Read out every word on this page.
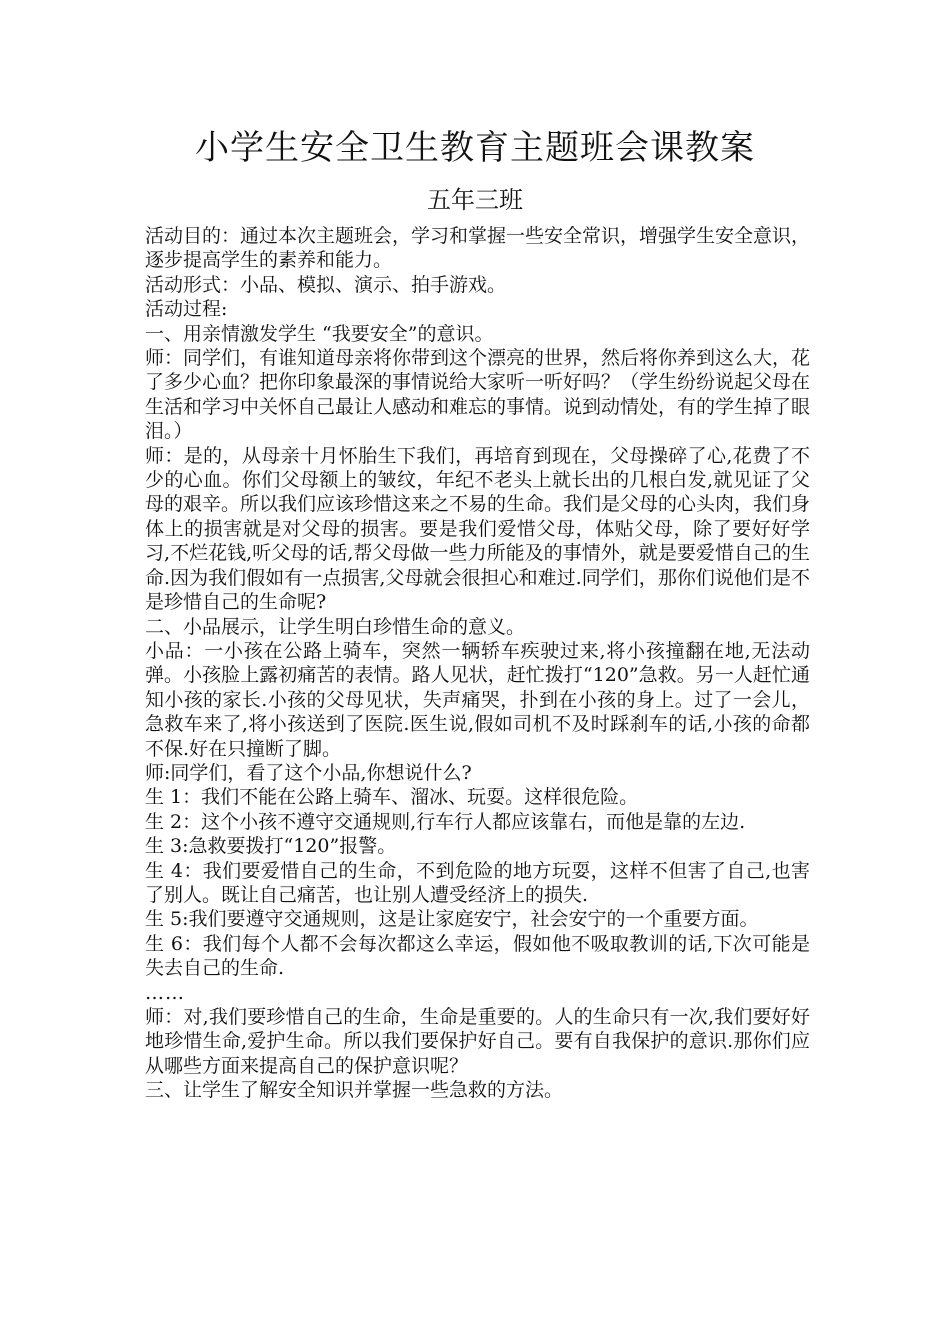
小学生安全卫生教育主题班会课教案
五年三班

活动目的：通过本次主题班会，学习和掌握一些安全常识，增强学生安全意识，逐步提高学生的素养和能力。

活动形式：小品、模拟、演示、拍手游戏。

活动过程:

一、用亲情激发学生 “我要安全”的意识。

师：同学们，有谁知道母亲将你带到这个漂亮的世界，然后将你养到这么大，花了多少心血？把你印象最深的事情说给大家听一听好吗？（学生纷纷说起父母在生活和学习中关怀自己最让人感动和难忘的事情。说到动情处，有的学生掉了眼泪。）

师：是的，从母亲十月怀胎生下我们，再培育到现在，父母操碎了心,花费了不少的心血。你们父母额上的皱纹，年纪不老头上就长出的几根白发,就见证了父母的艰辛。所以我们应该珍惜这来之不易的生命。我们是父母的心头肉，我们身体上的损害就是对父母的损害。要是我们爱惜父母，体贴父母，除了要好好学习,不烂花钱,听父母的话,帮父母做一些力所能及的事情外，就是要爱惜自己的生命.因为我们假如有一点损害,父母就会很担心和难过.同学们，那你们说他们是不是珍惜自己的生命呢?

二、小品展示，让学生明白珍惜生命的意义。

小品：一小孩在公路上骑车，突然一辆轿车疾驶过来,将小孩撞翻在地,无法动弹。小孩脸上露初痛苦的表情。路人见状，赶忙拨打“120”急救。另一人赶忙通知小孩的家长.小孩的父母见状，失声痛哭，扑到在小孩的身上。过了一会儿，急救车来了,将小孩送到了医院.医生说,假如司机不及时踩刹车的话,小孩的命都不保.好在只撞断了脚。

师:同学们，看了这个小品,你想说什么?

生 1：我们不能在公路上骑车、溜冰、玩耍。这样很危险。

生 2：这个小孩不遵守交通规则,行车行人都应该靠右，而他是靠的左边.

生 3:急救要拨打“120”报警。

生 4：我们要爱惜自己的生命，不到危险的地方玩耍，这样不但害了自己,也害了别人。既让自己痛苦，也让别人遭受经济上的损失.

生 5:我们要遵守交通规则，这是让家庭安宁，社会安宁的一个重要方面。

生 6：我们每个人都不会每次都这么幸运，假如他不吸取教训的话,下次可能是失去自己的生命.

……

师：对,我们要珍惜自己的生命，生命是重要的。人的生命只有一次,我们要好好地珍惜生命,爱护生命。所以我们要保护好自己。要有自我保护的意识.那你们应从哪些方面来提高自己的保护意识呢？

三、让学生了解安全知识并掌握一些急救的方法。
